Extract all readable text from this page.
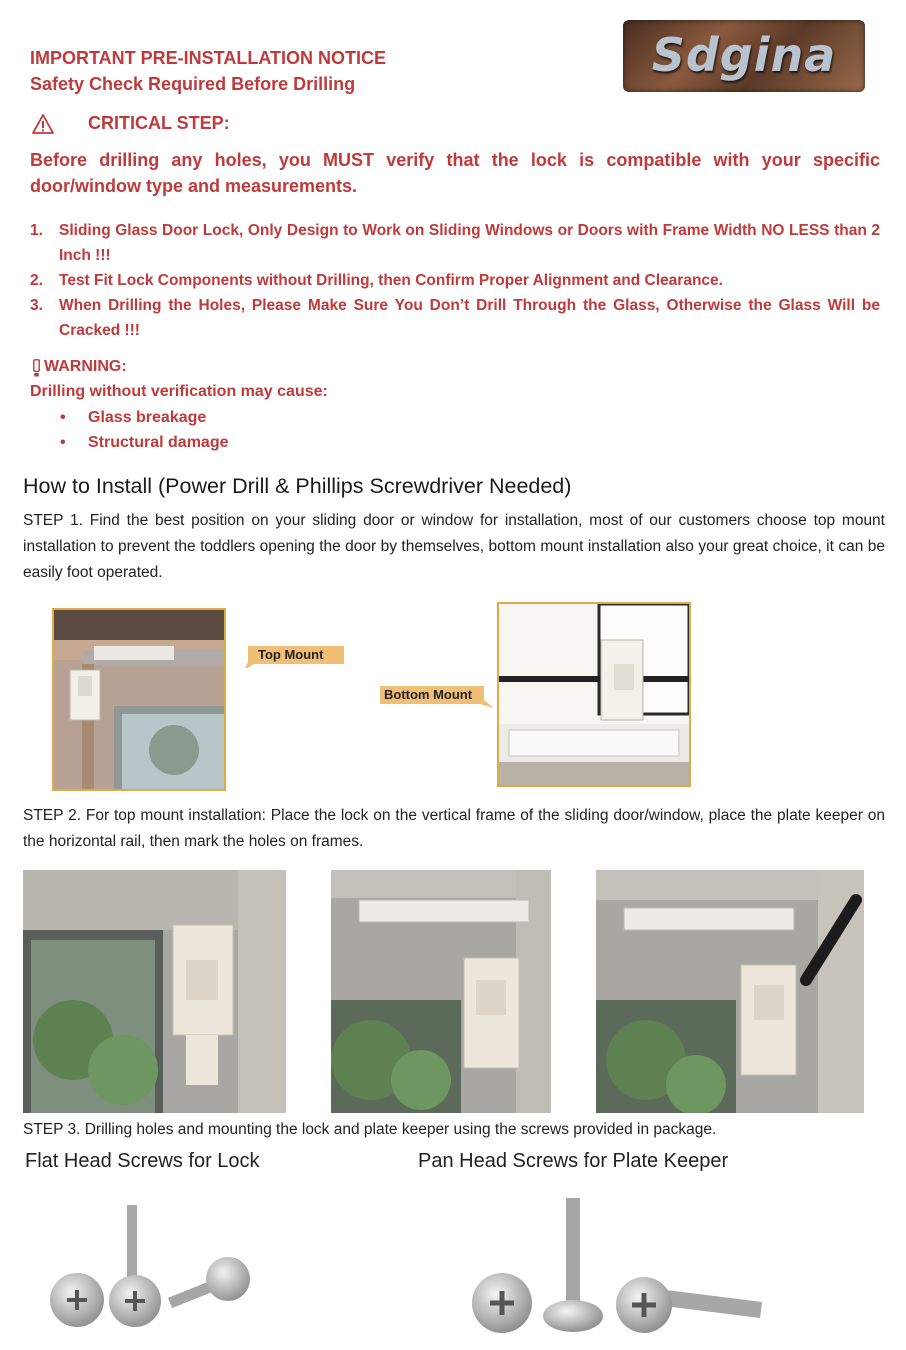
Sdgina
IMPORTANT PRE-INSTALLATION NOTICE
Safety Check Required Before Drilling
CRITICAL STEP:
Before drilling any holes, you MUST verify that the lock is compatible with your specific door/window type and measurements.
1. Sliding Glass Door Lock, Only Design to Work on Sliding Windows or Doors with Frame Width NO LESS than 2 Inch !!!
2. Test Fit Lock Components without Drilling, then Confirm Proper Alignment and Clearance.
3. When Drilling the Holes, Please Make Sure You Don’t Drill Through the Glass, Otherwise the Glass Will be Cracked !!!
WARNING:
Drilling without verification may cause:
• Glass breakage
• Structural damage
How to Install (Power Drill & Phillips Screwdriver Needed)
STEP 1. Find the best position on your sliding door or window for installation, most of our customers choose top mount installation to prevent the toddlers opening the door by themselves, bottom mount installation also your great choice, it can be easily foot operated.
Top Mount
Bottom Mount
STEP 2. For top mount installation: Place the lock on the vertical frame of the sliding door/window, place the plate keeper on the horizontal rail, then mark the holes on frames.
STEP 3. Drilling holes and mounting the lock and plate keeper using the screws provided in package.
Flat Head Screws for Lock	Pan Head Screws for Plate Keeper
